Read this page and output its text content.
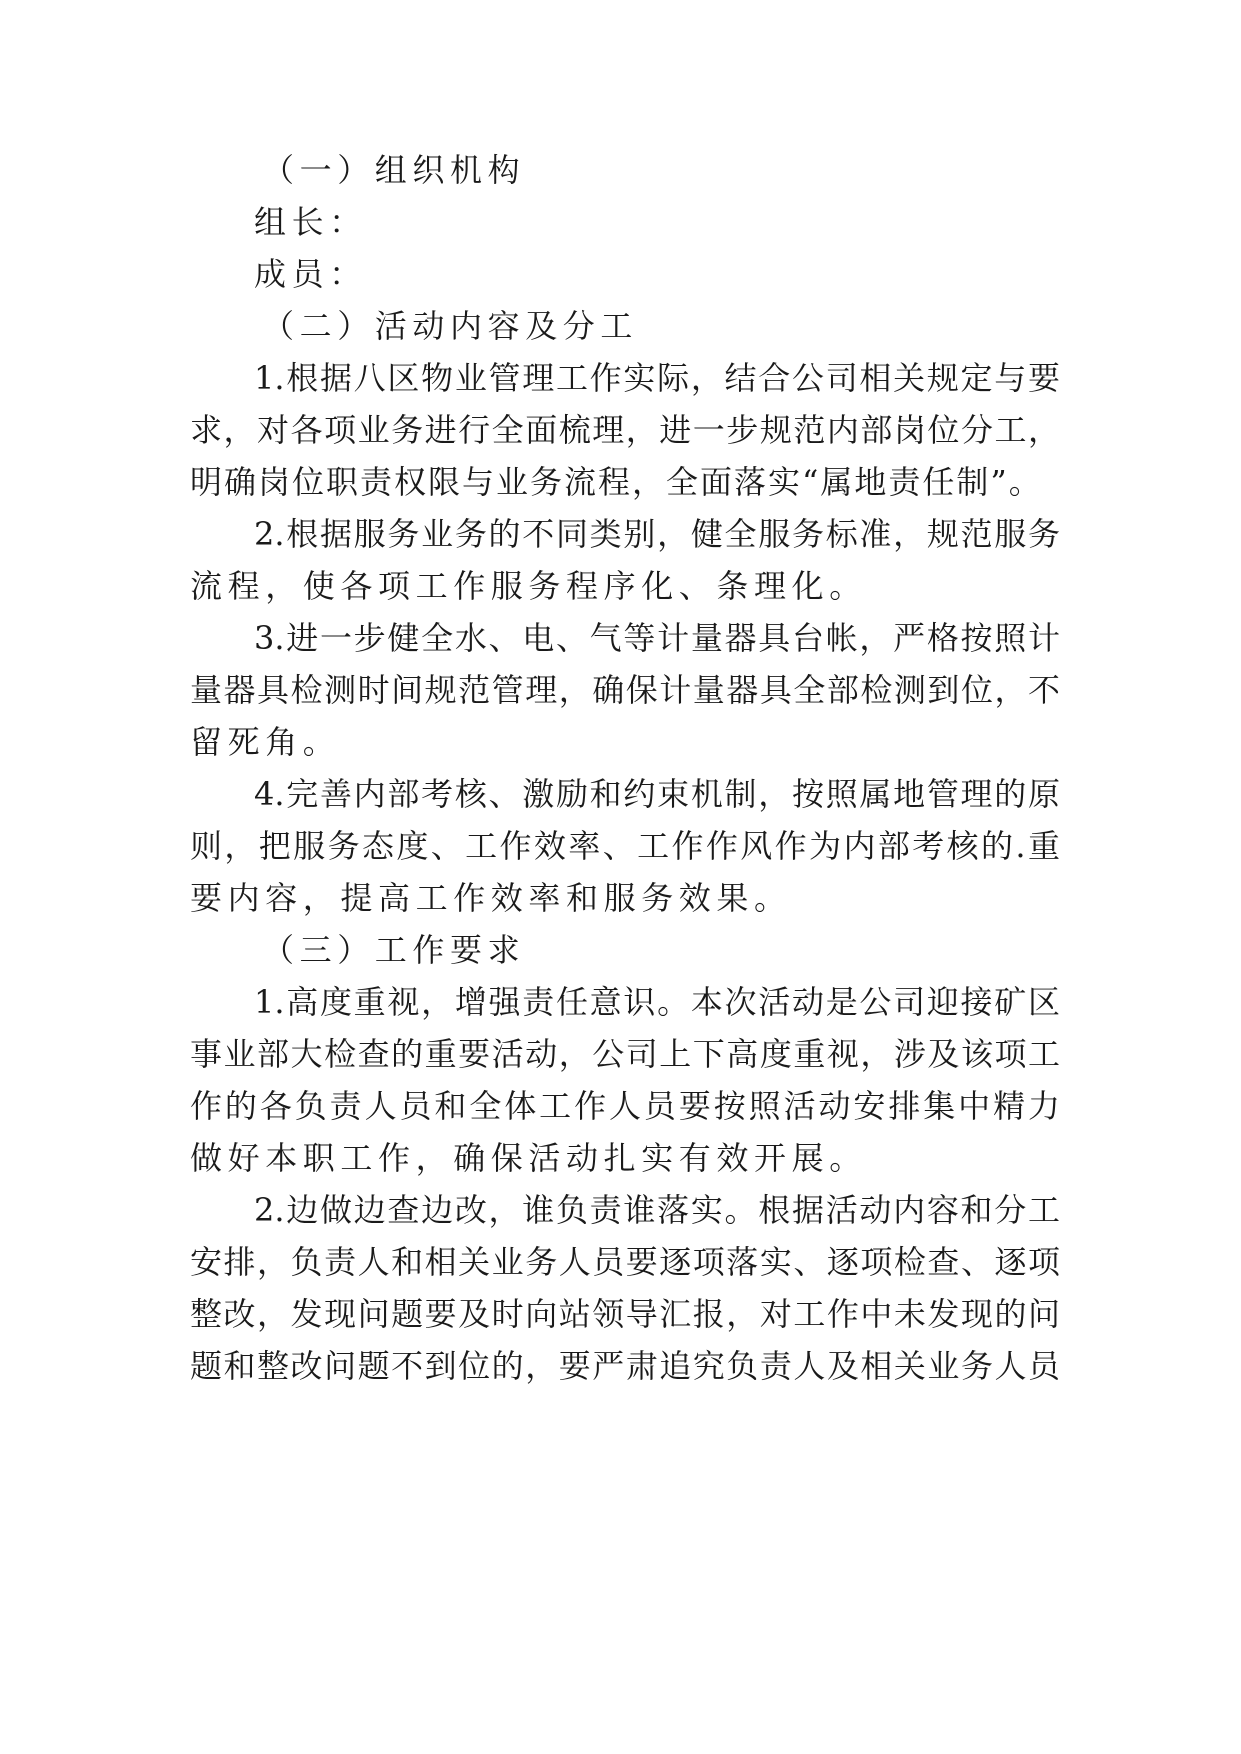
（一）组织机构
组长：
成员：
（二）活动内容及分工
1.根据八区物业管理工作实际，结合公司相关规定与要
求，对各项业务进行全面梳理，进一步规范内部岗位分工，
明确岗位职责权限与业务流程，全面落实“属地责任制”。
2.根据服务业务的不同类别，健全服务标准，规范服务
流程，使各项工作服务程序化、条理化。
3.进一步健全水、电、气等计量器具台帐，严格按照计
量器具检测时间规范管理，确保计量器具全部检测到位，不
留死角。
4.完善内部考核、激励和约束机制，按照属地管理的原
则，把服务态度、工作效率、工作作风作为内部考核的.重
要内容，提高工作效率和服务效果。
（三）工作要求
1.高度重视，增强责任意识。本次活动是公司迎接矿区
事业部大检查的重要活动，公司上下高度重视，涉及该项工
作的各负责人员和全体工作人员要按照活动安排集中精力
做好本职工作，确保活动扎实有效开展。
2.边做边查边改，谁负责谁落实。根据活动内容和分工
安排，负责人和相关业务人员要逐项落实、逐项检查、逐项
整改，发现问题要及时向站领导汇报，对工作中未发现的问
题和整改问题不到位的，要严肃追究负责人及相关业务人员
